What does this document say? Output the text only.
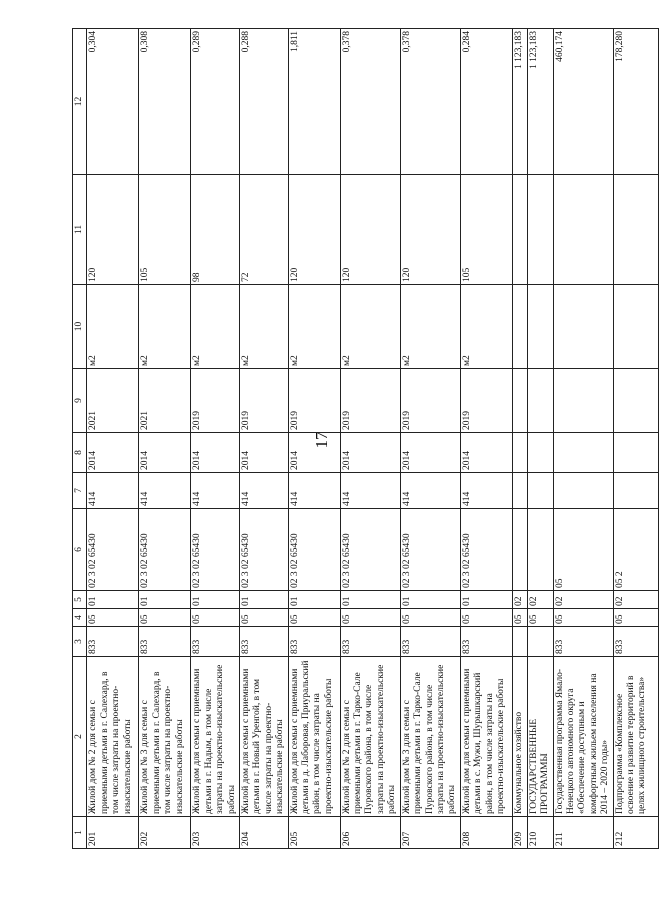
17
1	2	3	4	5	6	7	8	9	10	11	12
201	Жилой дом № 2 для семьи с приемными детьми в г. Салехард, в том числе затраты на проектно-изыскательские работы	833	05	01	02 3 02 65430	414	2014	2021	м2	120	0,304
202	Жилой дом № 3 для семьи с приемными детьми в г. Салехард, в том числе затраты на проектно-изыскательские работы	833	05	01	02 3 02 65430	414	2014	2021	м2	105	0,308
203	Жилой дом для семьи с приемными детьми в г. Надым, в том числе затраты на проектно-изыскательские работы	833	05	01	02 3 02 65430	414	2014	2019	м2	98	0,289
204	Жилой дом для семьи с приемными детьми в г. Новый Уренгой, в том числе затраты на проектно-изыскательские работы	833	05	01	02 3 02 65430	414	2014	2019	м2	72	0,288
205	Жилой дом для семьи с приемными детьми в д. Лаборовая, Приуральский район, в том числе затраты на проектно-изыскательские работы	833	05	01	02 3 02 65430	414	2014	2019	м2	120	1,811
206	Жилой дом № 2 для семьи с приемными детьми в г. Тарко-Сале Пуровского района, в том числе затраты на проектно-изыскательские работы	833	05	01	02 3 02 65430	414	2014	2019	м2	120	0,378
207	Жилой дом № 3 для семьи с приемными детьми в г. Тарко-Сале Пуровского района, в том числе затраты на проектно-изыскательские работы	833	05	01	02 3 02 65430	414	2014	2019	м2	120	0,378
208	Жилой дом для семьи с приемными детьми в с. Мужи, Шурышкарский район, в том числе затраты на проектно-изыскательские работы	833	05	01	02 3 02 65430	414	2014	2019	м2	105	0,284
209	Коммунальное хозяйство		05	02							1 123,183
210	ГОСУДАРСТВЕННЫЕ ПРОГРАММЫ		05	02							1 123,183
211	Государственная программа Ямало-Ненецкого автономного округа «Обеспечение доступным и комфортным жильем населения на 2014 – 2020 годы»	833	05	02	05						460,174
212	Подпрограмма «Комплексное освоение и развитие территорий в целях жилищного строительства»	833	05	02	05 2						178,280
